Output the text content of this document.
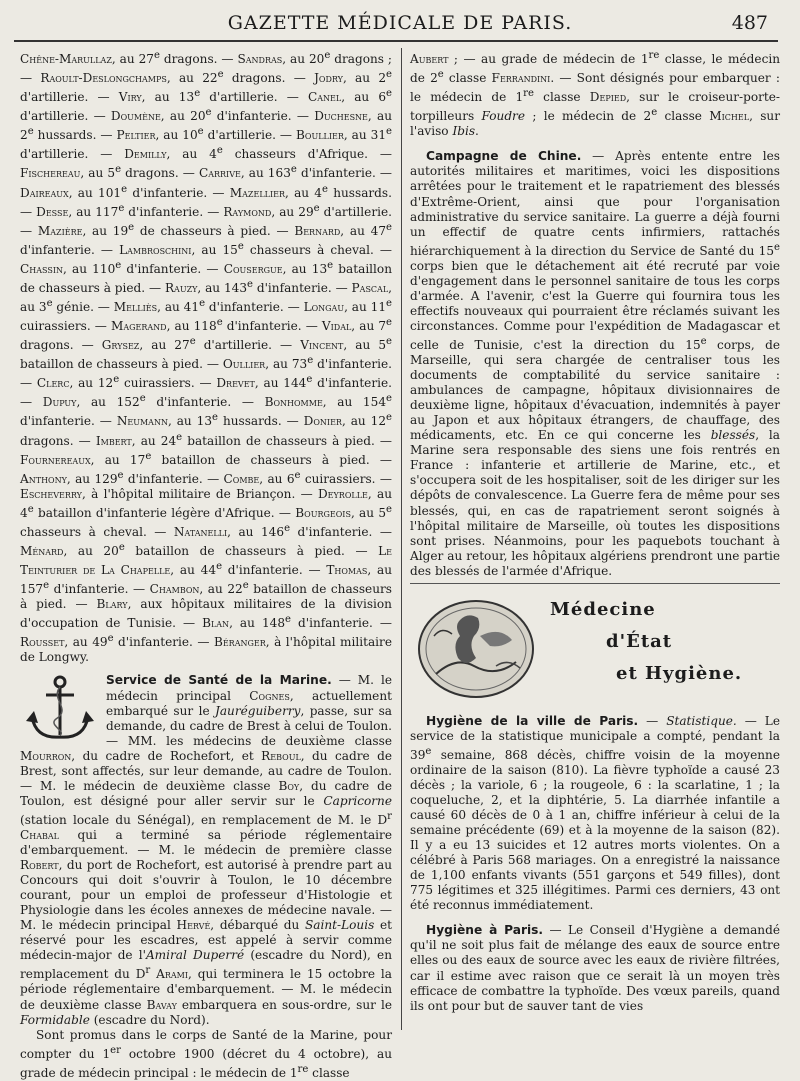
GAZETTE MÉDICALE DE PARIS.	487

Chêne-Marullaz, au 27e dragons. — Sandras, au 20e dragons ; — Raoult-Deslongchamps, au 22e dragons. — Jodry, au 2e d'artillerie. — Viry, au 13e d'artillerie. — Canel, au 6e d'artillerie. — Doumène, au 20e d'infanterie. — Duchesne, au 2e hussards. — Peltier, au 10e d'artillerie. — Boullier, au 31e d'artillerie. — Demilly, au 4e chasseurs d'Afrique. — Fischereau, au 5e dragons. — Carrive, au 163e d'infanterie. — Daireaux, au 101e d'infanterie. — Mazellier, au 4e hussards. — Desse, au 117e d'infanterie. — Raymond, au 29e d'artillerie. — Mazière, au 19e de chasseurs à pied. — Bernard, au 47e d'infanterie. — Lambroschini, au 15e chasseurs à cheval. — Chassin, au 110e d'infanterie. — Cousergue, au 13e bataillon de chasseurs à pied. — Rauzy, au 143e d'infanterie. — Pascal, au 3e génie. — Melliès, au 41e d'infanterie. — Longau, au 11e cuirassiers. — Magerand, au 118e d'infanterie. — Vidal, au 7e dragons. — Grysez, au 27e d'artillerie. — Vincent, au 5e bataillon de chasseurs à pied. — Oullier, au 73e d'infanterie. — Clerc, au 12e cuirassiers. — Drevet, au 144e d'infanterie. — Dupuy, au 152e d'infanterie. — Bonhomme, au 154e d'infanterie. — Neumann, au 13e hussards. — Donier, au 12e dragons. — Imbert, au 24e bataillon de chasseurs à pied. — Fournereaux, au 17e bataillon de chasseurs à pied. — Anthony, au 129e d'infanterie. — Combe, au 6e cuirassiers. — Escheverry, à l'hôpital militaire de Briançon. — Deyrolle, au 4e bataillon d'infanterie légère d'Afrique. — Bourgeois, au 5e chasseurs à cheval. — Natanelli, au 146e d'infanterie. — Ménard, au 20e bataillon de chasseurs à pied. — Le Teinturier de La Chapelle, au 44e d'infanterie. — Thomas, au 157e d'infanterie. — Chambon, au 22e bataillon de chasseurs à pied. — Blary, aux hôpitaux militaires de la division d'occupation de Tunisie. — Blan, au 148e d'infanterie. — Rousset, au 49e d'infanterie. — Béranger, à l'hôpital militaire de Longwy.

Service de Santé de la Marine. — M. le médecin principal Cognes, actuellement embarqué sur le Jauréguiberry, passe, sur sa demande, du cadre de Brest à celui de Toulon. — MM. les médecins de deuxième classe Mourron, du cadre de Rochefort, et Reboul, du cadre de Brest, sont affectés, sur leur demande, au cadre de Toulon. — M. le médecin de deuxième classe Boy, du cadre de Toulon, est désigné pour aller servir sur le Capricorne (station locale du Sénégal), en remplacement de M. le $D^r$ Chabal qui a terminé sa période réglementaire d'embarquement. — M. le médecin de première classe Robert, du port de Rochefort, est autorisé à prendre part au Concours qui doit s'ouvrir à Toulon, le 10 décembre courant, pour un emploi de professeur d'Histologie et Physiologie dans les écoles annexes de médecine navale. — M. le médecin principal Hervé, débarqué du Saint-Louis et réservé pour les escadres, est appelé à servir comme médecin-major de l'Amiral Duperré (escadre du Nord), en remplacement du $D^r$ Arami, qui terminera le 15 octobre la période réglementaire d'embarquement. — M. le médecin de deuxième classe Bavay embarquera en sous-ordre, sur le Formidable (escadre du Nord).

Sont promus dans le corps de Santé de la Marine, pour compter du 1er octobre 1900 (décret du 4 octobre), au grade de médecin principal : le médecin de 1re classe

Aubert ; — au grade de médecin de 1re classe, le médecin de 2e classe Ferrandini. — Sont désignés pour embarquer : le médecin de 1re classe Depied, sur le croiseur-porte-torpilleurs Foudre ; le médecin de 2e classe Michel, sur l'aviso Ibis.

Campagne de Chine. — Après entente entre les autorités militaires et maritimes, voici les dispositions arrêtées pour le traitement et le rapatriement des blessés d'Extrême-Orient, ainsi que pour l'organisation administrative du service sanitaire. La guerre a déjà fourni un effectif de quatre cents infirmiers, rattachés hiérarchiquement à la direction du Service de Santé du 15e corps bien que le détachement ait été recruté par voie d'engagement dans le personnel sanitaire de tous les corps d'armée. A l'avenir, c'est la Guerre qui fournira tous les effectifs nouveaux qui pourraient être réclamés suivant les circonstances. Comme pour l'expédition de Madagascar et celle de Tunisie, c'est la direction du 15e corps, de Marseille, qui sera chargée de centraliser tous les documents de comptabilité du service sanitaire : ambulances de campagne, hôpitaux divisionnaires de deuxième ligne, hôpitaux d'évacuation, indemnités à payer au Japon et aux hôpitaux étrangers, de chauffage, des médicaments, etc. En ce qui concerne les blessés, la Marine sera responsable des siens une fois rentrés en France : infanterie et artillerie de Marine, etc., et s'occupera soit de les hospitaliser, soit de les diriger sur les dépôts de convalescence. La Guerre fera de même pour ses blessés, qui, en cas de rapatriement seront soignés à l'hôpital militaire de Marseille, où toutes les dispositions sont prises. Néanmoins, pour les paquebots touchant à Alger au retour, les hôpitaux algériens prendront une partie des blessés de l'armée d'Afrique.

Médecine
d'État
et Hygiène.

Hygiène de la ville de Paris. — Statistique. — Le service de la statistique municipale a compté, pendant la 39e semaine, 868 décès, chiffre voisin de la moyenne ordinaire de la saison (810). La fièvre typhoïde a causé 23 décès ; la variole, 6 ; la rougeole, 6 : la scarlatine, 1 ; la coqueluche, 2, et la diphtérie, 5. La diarrhée infantile a causé 60 décès de 0 à 1 an, chiffre inférieur à celui de la semaine précédente (69) et à la moyenne de la saison (82). Il y a eu 13 suicides et 12 autres morts violentes. On a célébré à Paris 568 mariages. On a enregistré la naissance de 1,100 enfants vivants (551 garçons et 549 filles), dont 775 légitimes et 325 illégitimes. Parmi ces derniers, 43 ont été reconnus immédiatement.

Hygiène à Paris. — Le Conseil d'Hygiène a demandé qu'il ne soit plus fait de mélange des eaux de source entre elles ou des eaux de source avec les eaux de rivière filtrées, car il estime avec raison que ce serait là un moyen très efficace de combattre la typhoïde. Des vœux pareils, quand ils ont pour but de sauver tant de vies
